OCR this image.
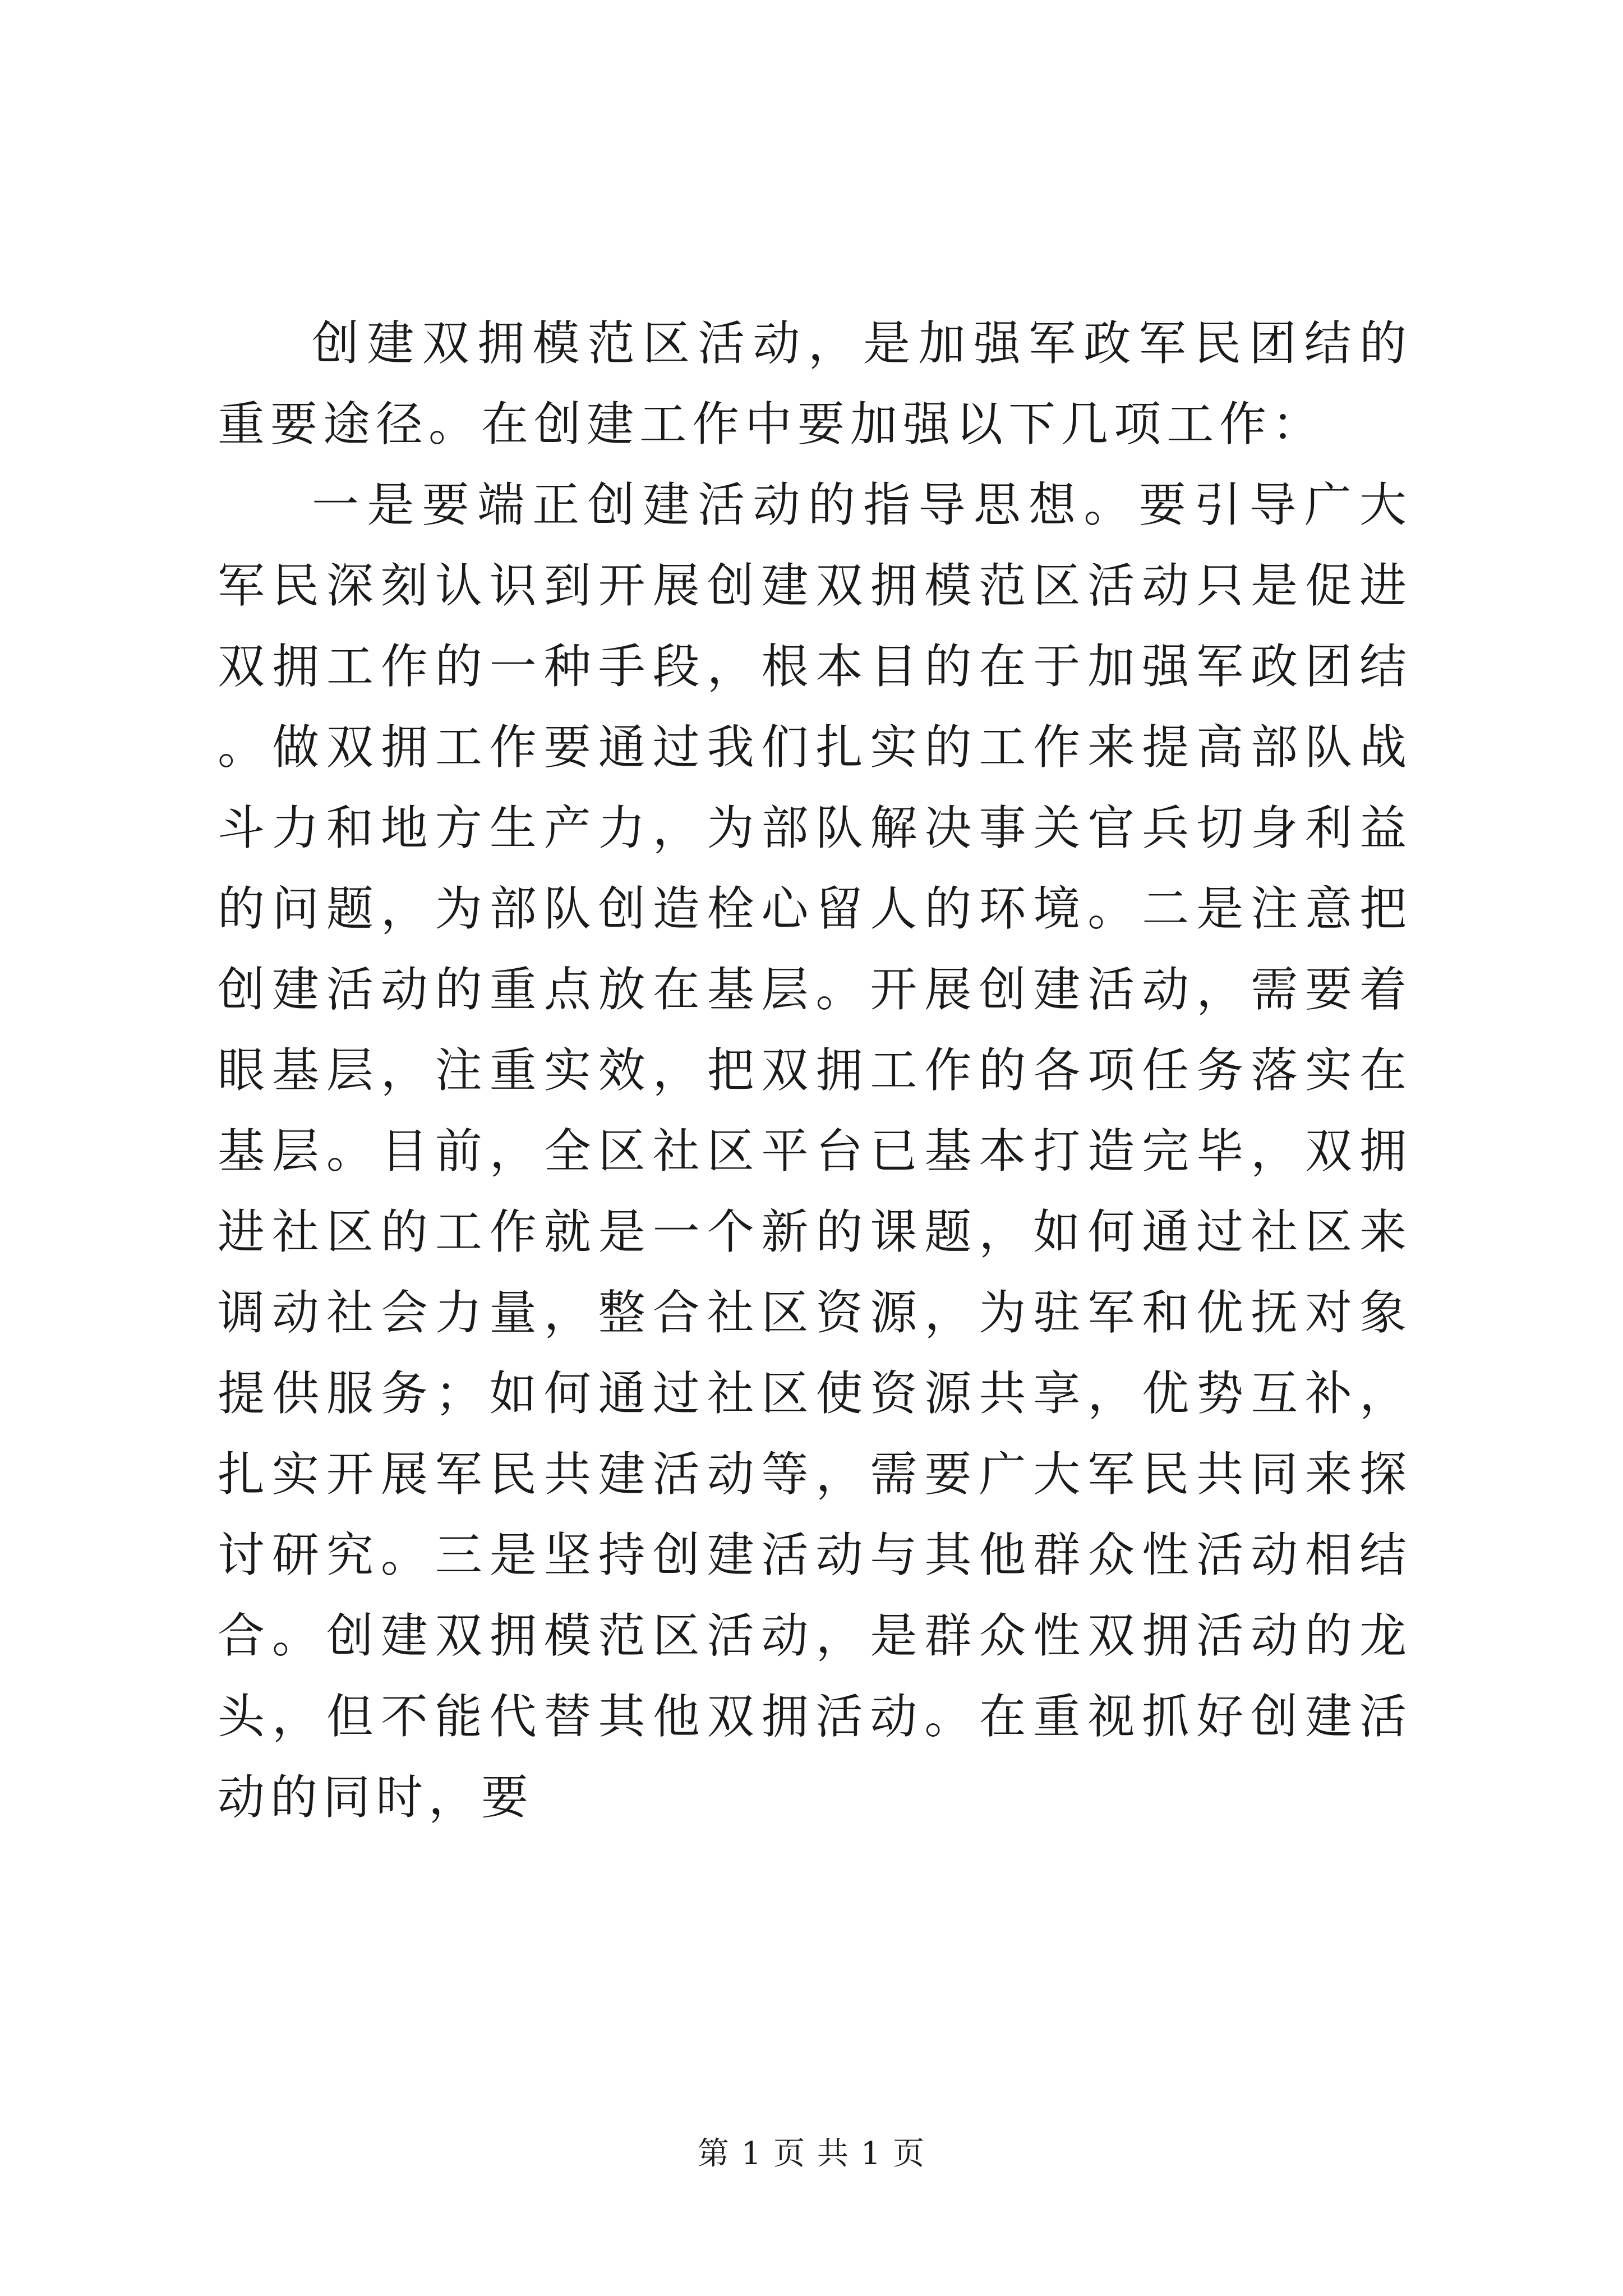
创建双拥模范区活动，是加强军政军民团结的重要途径。在创建工作中要加强以下几项工作：

一是要端正创建活动的指导思想。要引导广大军民深刻认识到开展创建双拥模范区活动只是促进双拥工作的一种手段，根本目的在于加强军政团结。做双拥工作要通过我们扎实的工作来提高部队战斗力和地方生产力，为部队解决事关官兵切身利益的问题，为部队创造栓心留人的环境。二是注意把创建活动的重点放在基层。开展创建活动，需要着眼基层，注重实效，把双拥工作的各项任务落实在基层。目前，全区社区平台已基本打造完毕，双拥进社区的工作就是一个新的课题，如何通过社区来调动社会力量，整合社区资源，为驻军和优抚对象提供服务；如何通过社区使资源共享，优势互补，扎实开展军民共建活动等，需要广大军民共同来探讨研究。三是坚持创建活动与其他群众性活动相结合。创建双拥模范区活动，是群众性双拥活动的龙头，但不能代替其他双拥活动。在重视抓好创建活动的同时，要

第 1 页 共 1 页
